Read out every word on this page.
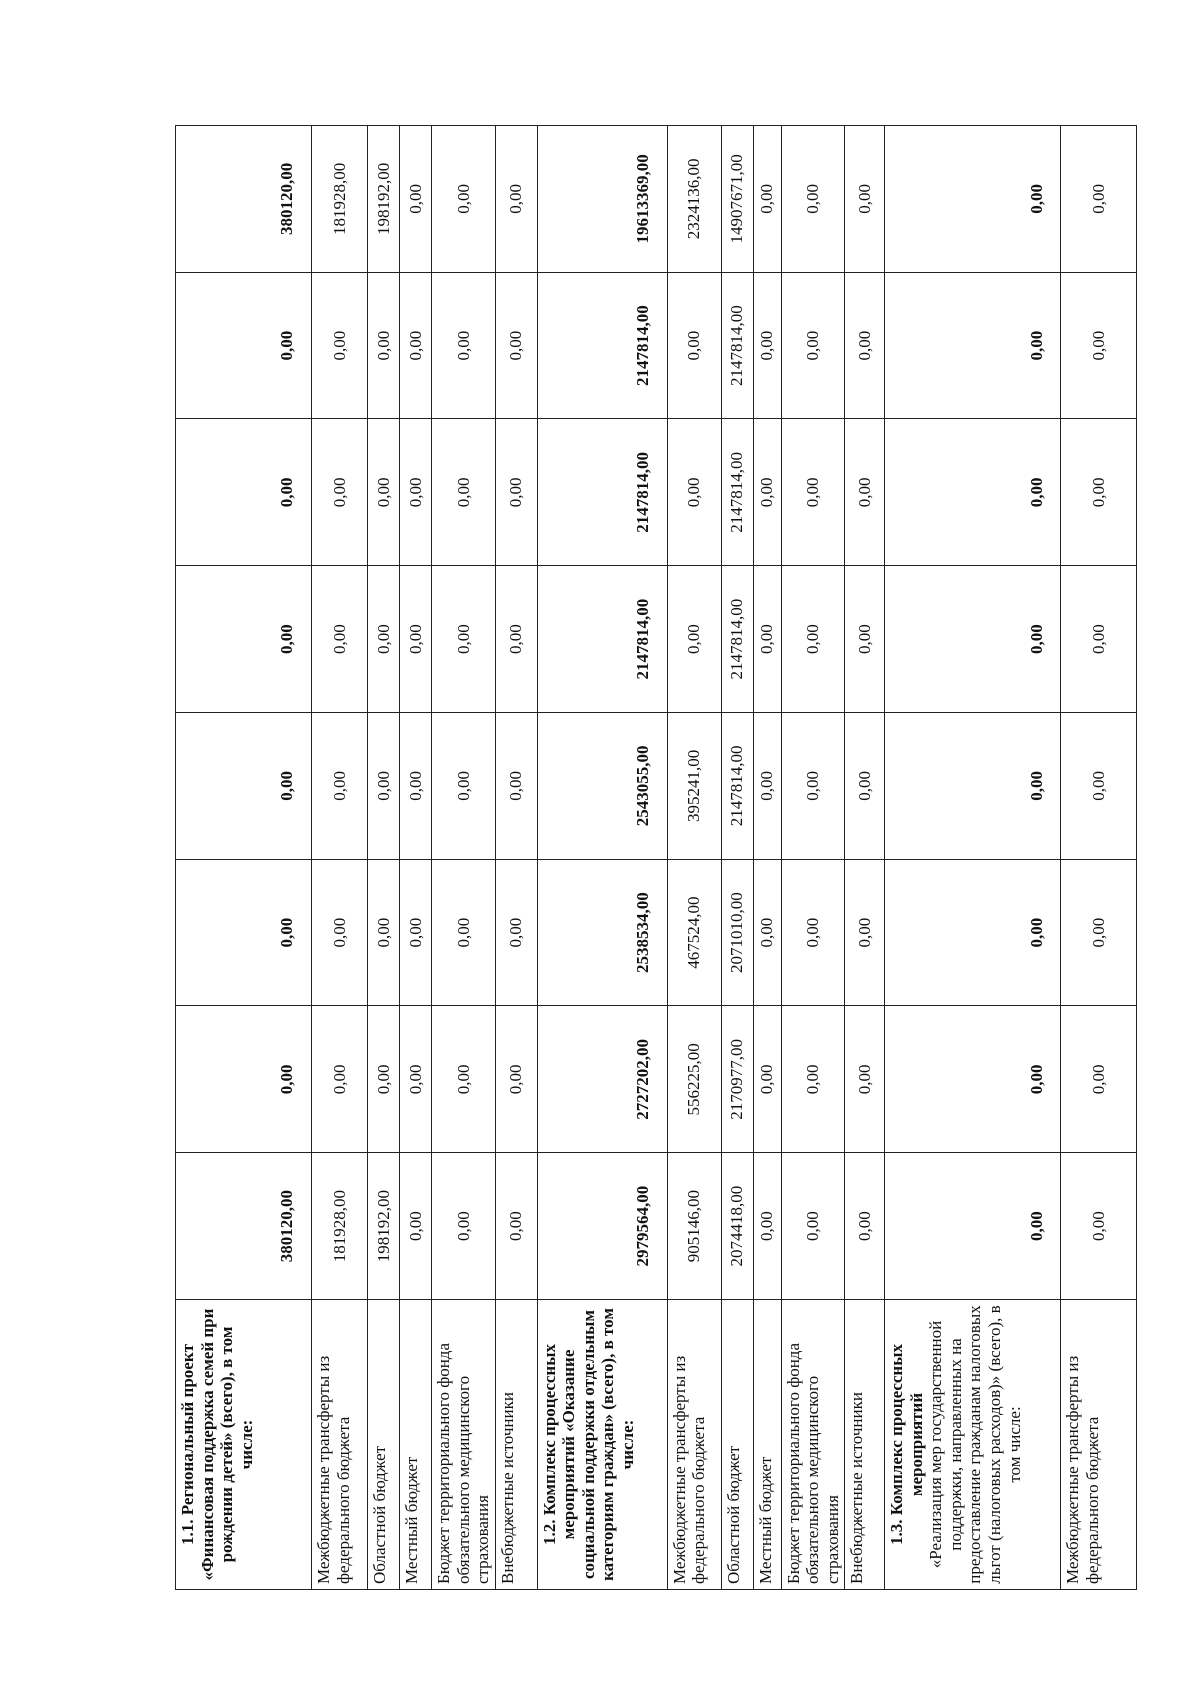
1.1. Региональный проект «Финансовая поддержка семей при рождении детей» (всего), в том числе:	380120,00	0,00	0,00	0,00	0,00	0,00	0,00	380120,00
Межбюджетные трансферты из федерального бюджета	181928,00	0,00	0,00	0,00	0,00	0,00	0,00	181928,00
Областной бюджет	198192,00	0,00	0,00	0,00	0,00	0,00	0,00	198192,00
Местный бюджет	0,00	0,00	0,00	0,00	0,00	0,00	0,00	0,00
Бюджет территориального фонда обязательного медицинского страхования	0,00	0,00	0,00	0,00	0,00	0,00	0,00	0,00
Внебюджетные источники	0,00	0,00	0,00	0,00	0,00	0,00	0,00	0,00
1.2. Комплекс процессных мероприятий «Оказание социальной поддержки отдельным категориям граждан» (всего), в том числе:	2979564,00	2727202,00	2538534,00	2543055,00	2147814,00	2147814,00	2147814,00	19613369,00
Межбюджетные трансферты из федерального бюджета	905146,00	556225,00	467524,00	395241,00	0,00	0,00	0,00	2324136,00
Областной бюджет	2074418,00	2170977,00	2071010,00	2147814,00	2147814,00	2147814,00	2147814,00	14907671,00
Местный бюджет	0,00	0,00	0,00	0,00	0,00	0,00	0,00	0,00
Бюджет территориального фонда обязательного медицинского страхования	0,00	0,00	0,00	0,00	0,00	0,00	0,00	0,00
Внебюджетные источники	0,00	0,00	0,00	0,00	0,00	0,00	0,00	0,00
1.3. Комплекс процессных мероприятий
«Реализация мер государственной поддержки, направленных на предоставление гражданам налоговых льгот (налоговых расходов)» (всего), в том числе:	0,00	0,00	0,00	0,00	0,00	0,00	0,00	0,00
Межбюджетные трансферты из федерального бюджета	0,00	0,00	0,00	0,00	0,00	0,00	0,00	0,00
